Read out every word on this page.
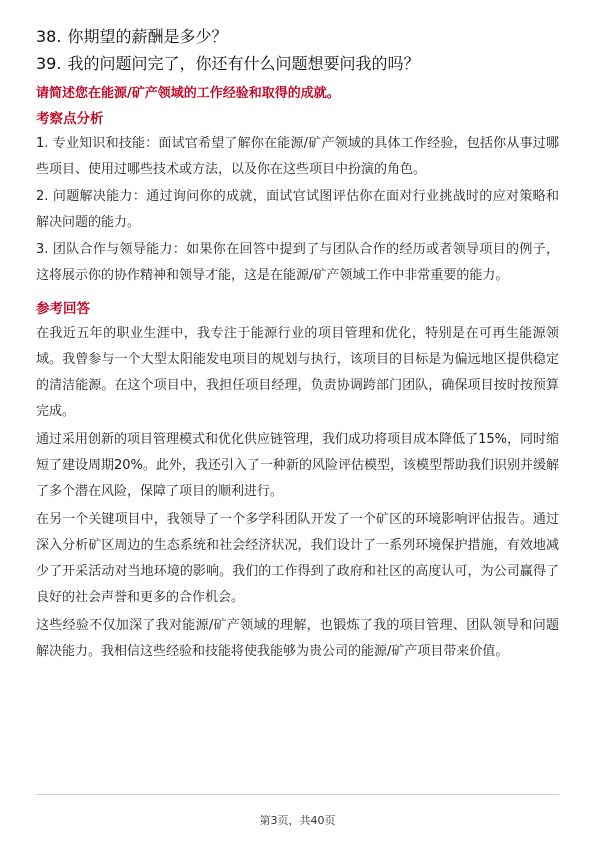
38. 你期望的薪酬是多少？
39. 我的问题问完了，你还有什么问题想要问我的吗？
请简述您在能源/矿产领域的工作经验和取得的成就。
考察点分析

1. 专业知识和技能：面试官希望了解你在能源/矿产领域的具体工作经验，包括你从事过哪些项目、使用过哪些技术或方法，以及你在这些项目中扮演的角色。

2. 问题解决能力：通过询问你的成就，面试官试图评估你在面对行业挑战时的应对策略和解决问题的能力。

3. 团队合作与领导能力：如果你在回答中提到了与团队合作的经历或者领导项目的例子，这将展示你的协作精神和领导才能，这是在能源/矿产领域工作中非常重要的能力。

参考回答

在我近五年的职业生涯中，我专注于能源行业的项目管理和优化，特别是在可再生能源领域。我曾参与一个大型太阳能发电项目的规划与执行，该项目的目标是为偏远地区提供稳定的清洁能源。在这个项目中，我担任项目经理，负责协调跨部门团队，确保项目按时按预算完成。

通过采用创新的项目管理模式和优化供应链管理，我们成功将项目成本降低了15%，同时缩短了建设周期20%。此外，我还引入了一种新的风险评估模型，该模型帮助我们识别并缓解了多个潜在风险，保障了项目的顺利进行。

在另一个关键项目中，我领导了一个多学科团队开发了一个矿区的环境影响评估报告。通过深入分析矿区周边的生态系统和社会经济状况，我们设计了一系列环境保护措施，有效地减少了开采活动对当地环境的影响。我们的工作得到了政府和社区的高度认可，为公司赢得了良好的社会声誉和更多的合作机会。

这些经验不仅加深了我对能源/矿产领域的理解，也锻炼了我的项目管理、团队领导和问题解决能力。我相信这些经验和技能将使我能够为贵公司的能源/矿产项目带来价值。

第3页，共40页
